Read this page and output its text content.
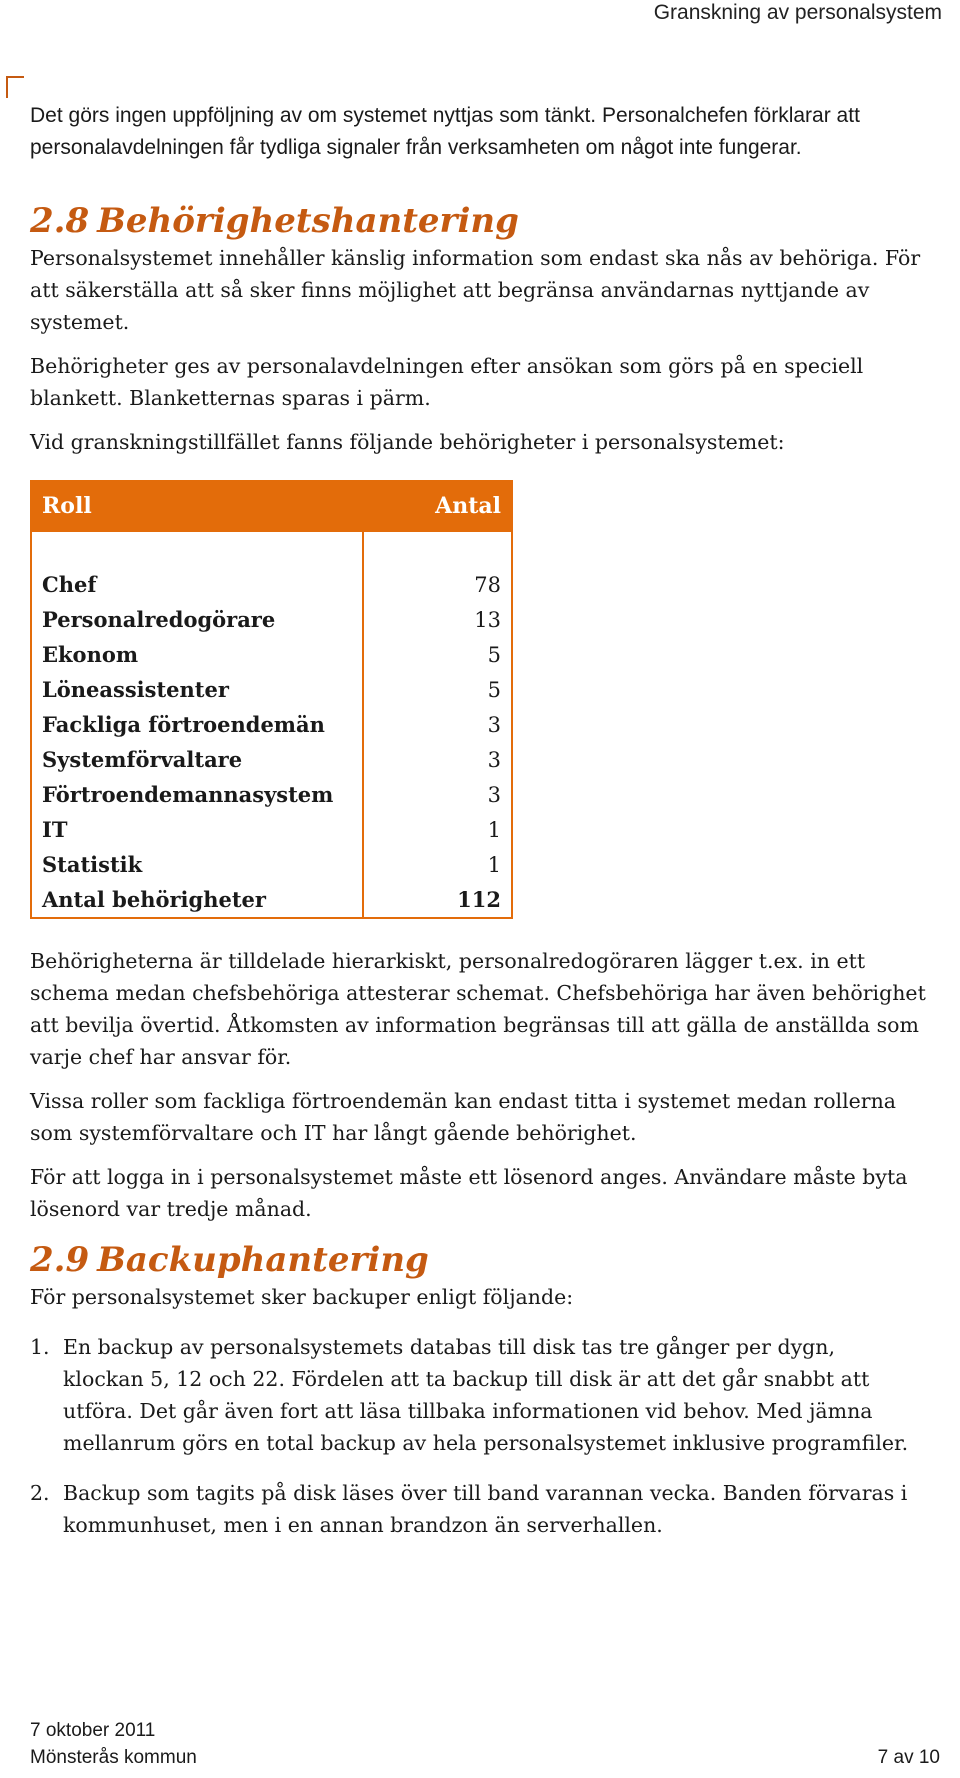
Granskning av personalsystem

Det görs ingen uppföljning av om systemet nyttjas som tänkt. Personalchefen förklarar att personalavdelningen får tydliga signaler från verksamheten om något inte fungerar.

2.8 Behörighetshantering

Personalsystemet innehåller känslig information som endast ska nås av behöriga. För att säkerställa att så sker finns möjlighet att begränsa användarnas nyttjande av systemet.

Behörigheter ges av personalavdelningen efter ansökan som görs på en speciell blankett. Blanketternas sparas i pärm.

Vid granskningstillfället fanns följande behörigheter i personalsystemet:

Roll	Antal

Chef	78
Personalredogörare	13
Ekonom	5
Löneassistenter	5
Fackliga förtroendemän	3
Systemförvaltare	3
Förtroendemannasystem	3
IT	1
Statistik	1
Antal behörigheter	112

Behörigheterna är tilldelade hierarkiskt, personalredogöraren lägger t.ex. in ett schema medan chefsbehöriga attesterar schemat. Chefsbehöriga har även behörighet att bevilja övertid. Åtkomsten av information begränsas till att gälla de anställda som varje chef har ansvar för.

Vissa roller som fackliga förtroendemän kan endast titta i systemet medan rollerna som systemförvaltare och IT har långt gående behörighet.

För att logga in i personalsystemet måste ett lösenord anges. Användare måste byta lösenord var tredje månad.

2.9 Backuphantering

För personalsystemet sker backuper enligt följande:

1. En backup av personalsystemets databas till disk tas tre gånger per dygn, klockan 5, 12 och 22. Fördelen att ta backup till disk är att det går snabbt att utföra. Det går även fort att läsa tillbaka informationen vid behov. Med jämna mellanrum görs en total backup av hela personalsystemet inklusive programfiler.
2. Backup som tagits på disk läses över till band varannan vecka. Banden förvaras i kommunhuset, men i en annan brandzon än serverhallen.
7 oktober 2011
Mönsterås kommun	7 av 10
